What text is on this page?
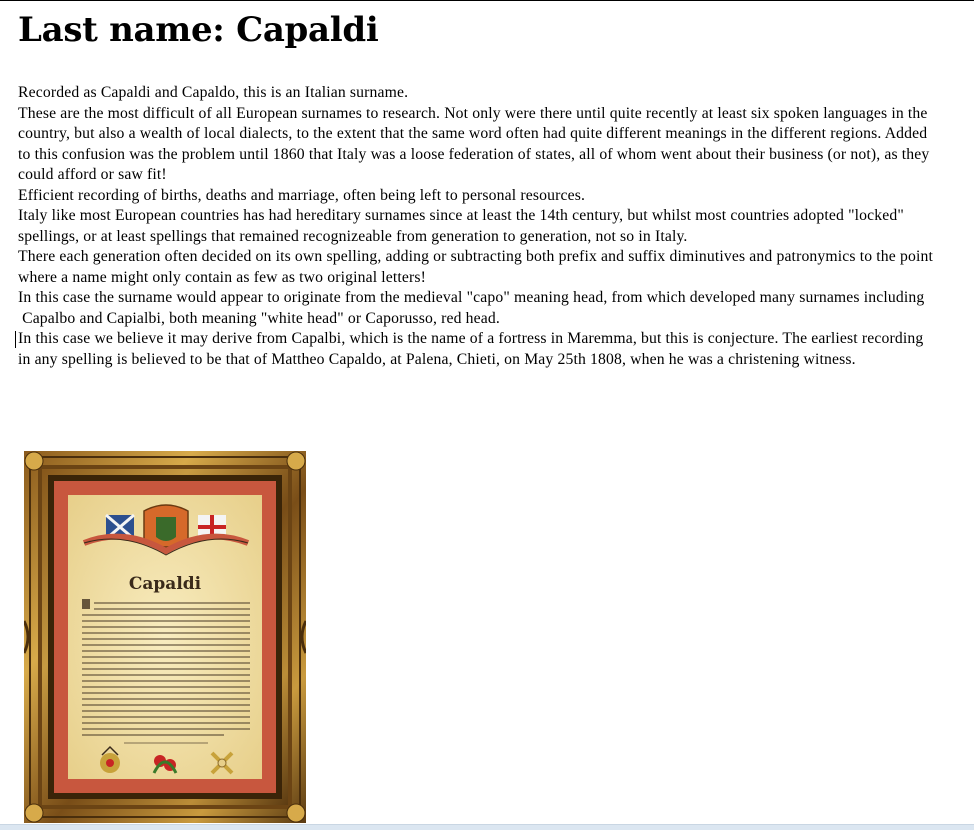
Last name: Capaldi

Recorded as Capaldi and Capaldo, this is an Italian surname.

These are the most difficult of all European surnames to research. Not only were there until quite recently at least six spoken languages in the country, but also a wealth of local dialects, to the extent that the same word often had quite different meanings in the different regions. Added to this confusion was the problem until 1860 that Italy was a loose federation of states, all of whom went about their business (or not), as they could afford or saw fit!

Efficient recording of births, deaths and marriage, often being left to personal resources.

Italy like most European countries has had hereditary surnames since at least the 14th century, but whilst most countries adopted "locked" spellings, or at least spellings that remained recognizeable from generation to generation, not so in Italy.

There each generation often decided on its own spelling, adding or subtracting both prefix and suffix diminutives and patronymics to the point where a name might only contain as few as two original letters!

In this case the surname would appear to originate from the medieval "capo" meaning head, from which developed many surnames including

Capalbo and Capialbi, both meaning "white head" or Caporusso, red head.

In this case we believe it may derive from Capalbi, which is the name of a fortress in Maremma, but this is conjecture. The earliest recording in any spelling is believed to be that of Mattheo Capaldo, at Palena, Chieti, on May 25th 1808, when he was a christening witness.

Capaldi
